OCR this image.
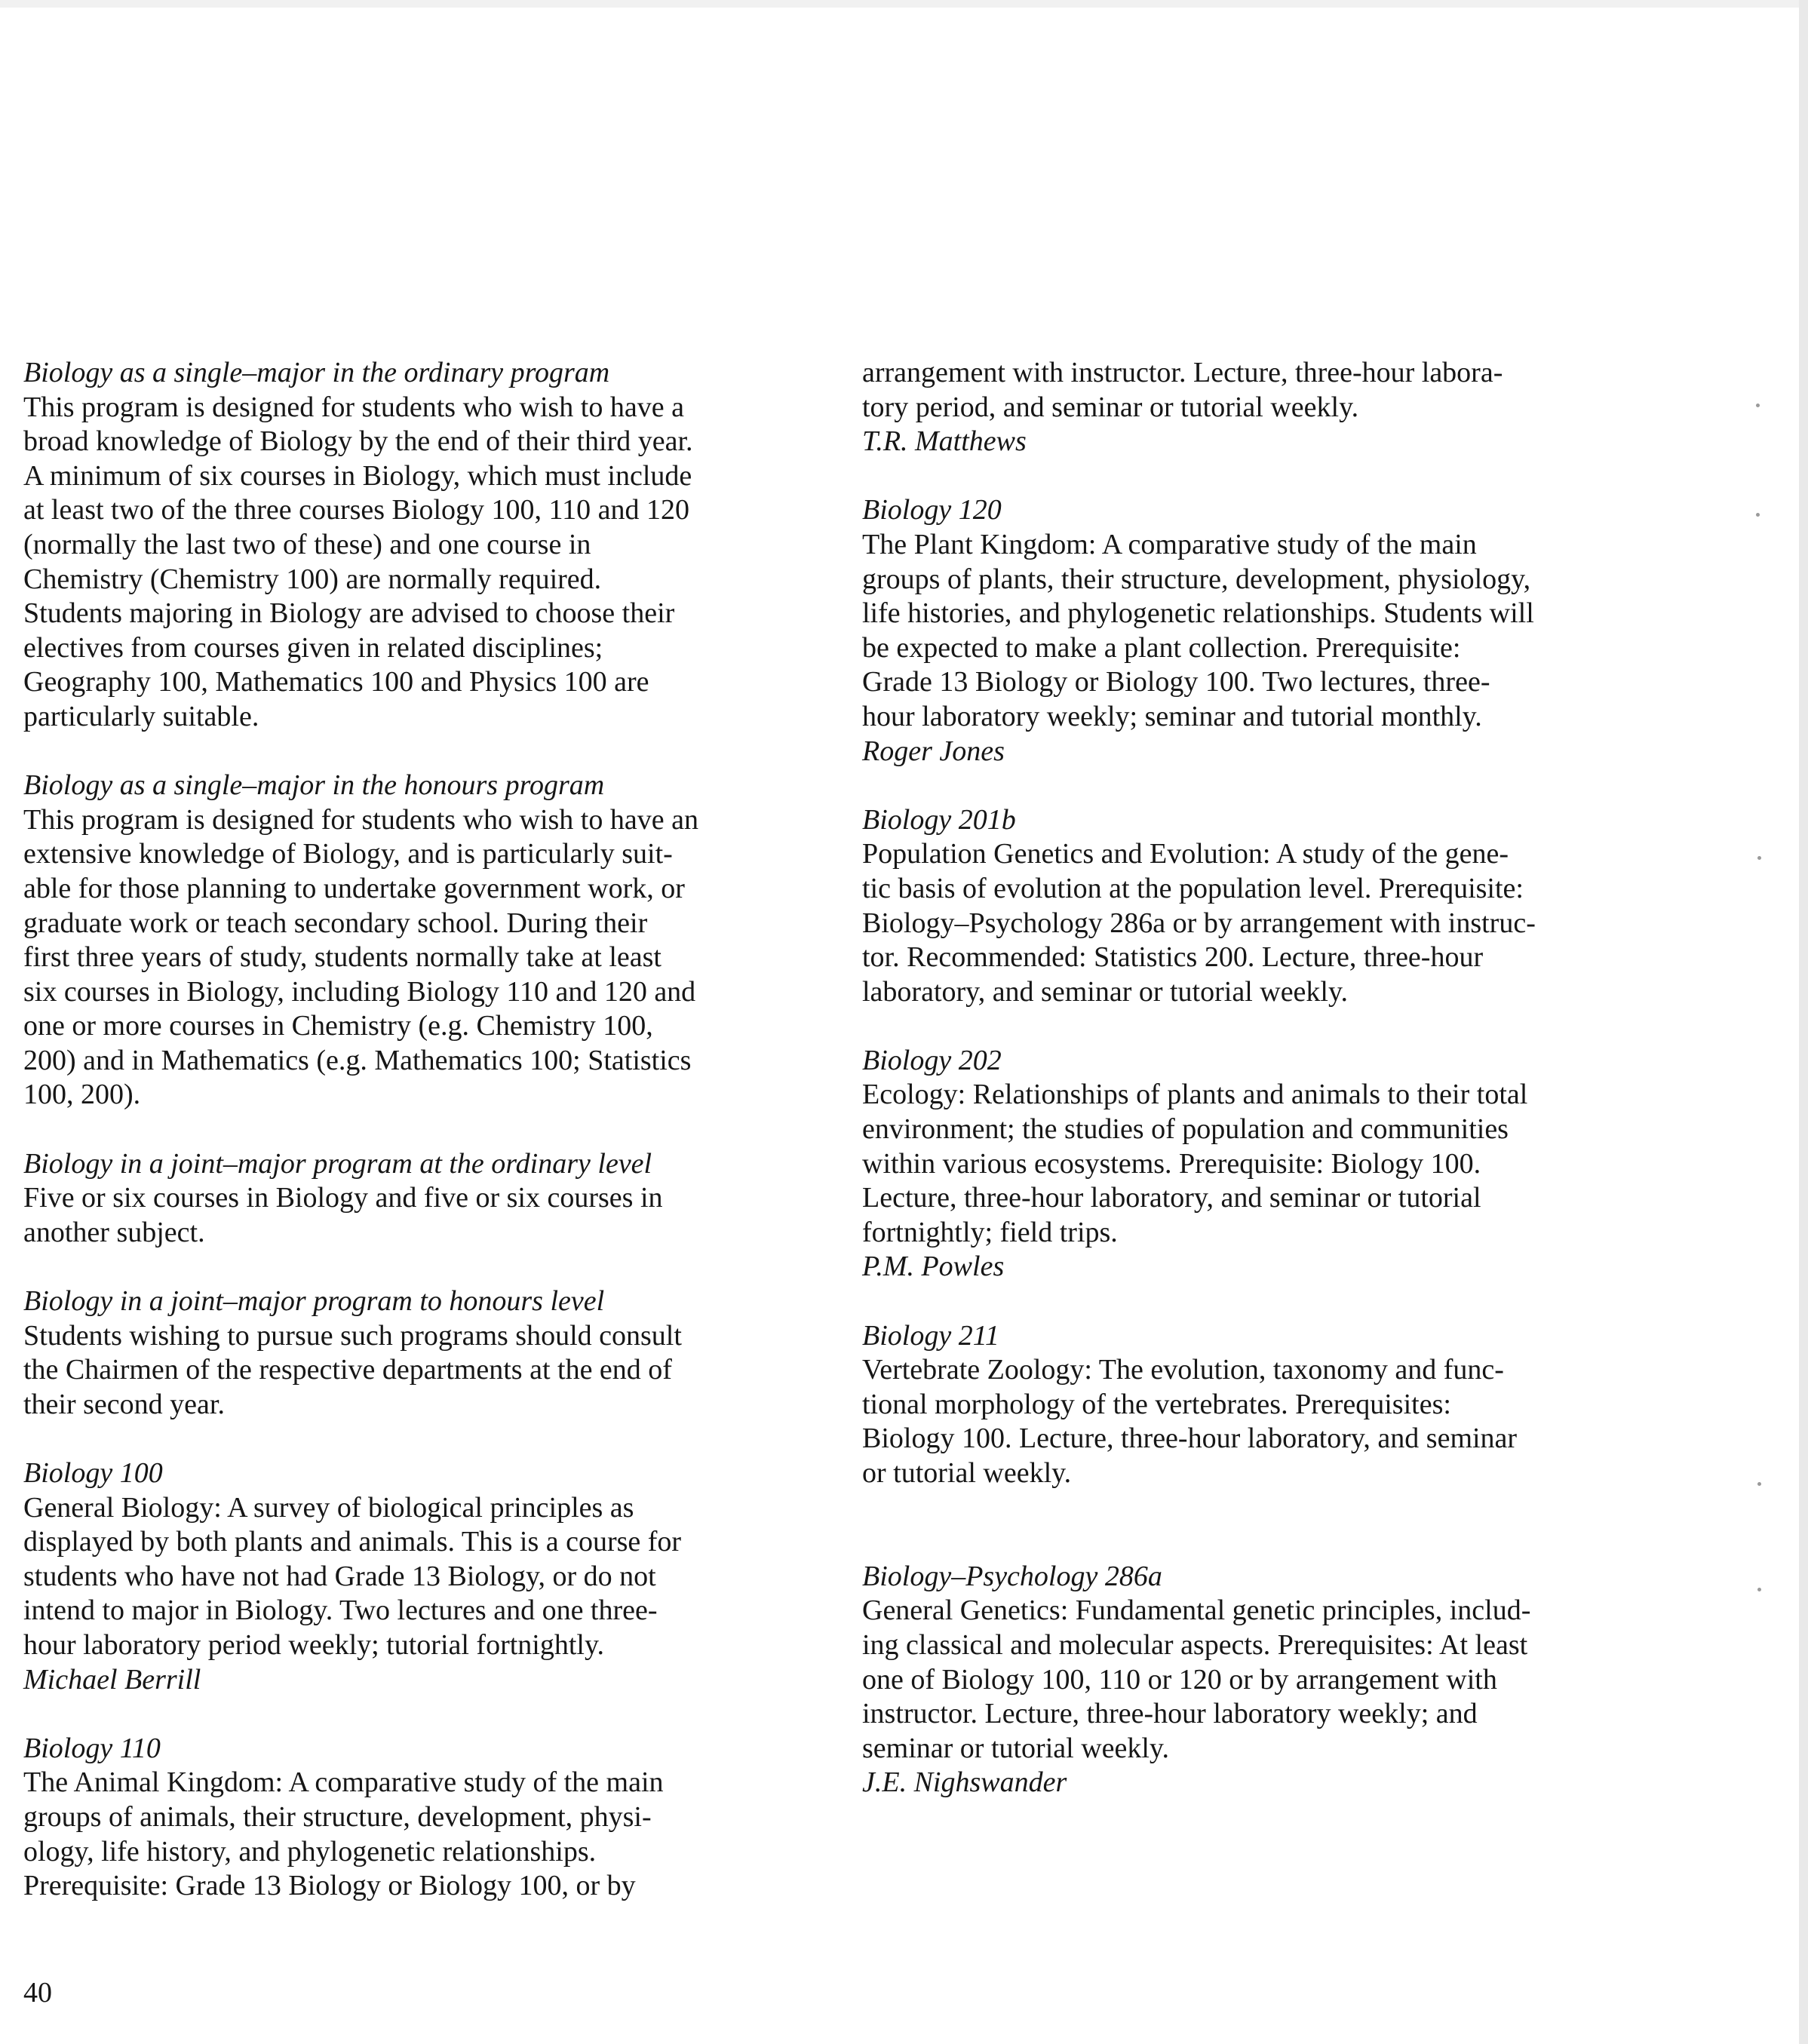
Biology as a single–major in the ordinary program

This program is designed for students who wish to have a
broad knowledge of Biology by the end of their third year.
A minimum of six courses in Biology, which must include
at least two of the three courses Biology 100, 110 and 120
(normally the last two of these) and one course in
Chemistry (Chemistry 100) are normally required.
Students majoring in Biology are advised to choose their
electives from courses given in related disciplines;
Geography 100, Mathematics 100 and Physics 100 are
particularly suitable.

Biology as a single–major in the honours program

This program is designed for students who wish to have an
extensive knowledge of Biology, and is particularly suit-
able for those planning to undertake government work, or
graduate work or teach secondary school. During their
first three years of study, students normally take at least
six courses in Biology, including Biology 110 and 120 and
one or more courses in Chemistry (e.g. Chemistry 100,
200) and in Mathematics (e.g. Mathematics 100; Statistics
100, 200).

Biology in a joint–major program at the ordinary level

Five or six courses in Biology and five or six courses in
another subject.

Biology in a joint–major program to honours level

Students wishing to pursue such programs should consult
the Chairmen of the respective departments at the end of
their second year.

Biology 100

General Biology: A survey of biological principles as
displayed by both plants and animals. This is a course for
students who have not had Grade 13 Biology, or do not
intend to major in Biology. Two lectures and one three-
hour laboratory period weekly; tutorial fortnightly.

Michael Berrill

Biology 110

The Animal Kingdom: A comparative study of the main
groups of animals, their structure, development, physi-
ology, life history, and phylogenetic relationships.
Prerequisite: Grade 13 Biology or Biology 100, or by

arrangement with instructor. Lecture, three-hour labora-
tory period, and seminar or tutorial weekly.

T.R. Matthews

Biology 120

The Plant Kingdom: A comparative study of the main
groups of plants, their structure, development, physiology,
life histories, and phylogenetic relationships. Students will
be expected to make a plant collection. Prerequisite:
Grade 13 Biology or Biology 100. Two lectures, three-
hour laboratory weekly; seminar and tutorial monthly.

Roger Jones

Biology 201b

Population Genetics and Evolution: A study of the gene-
tic basis of evolution at the population level. Prerequisite:
Biology–Psychology 286a or by arrangement with instruc-
tor. Recommended: Statistics 200. Lecture, three-hour
laboratory, and seminar or tutorial weekly.

Biology 202

Ecology: Relationships of plants and animals to their total
environment; the studies of population and communities
within various ecosystems. Prerequisite: Biology 100.
Lecture, three-hour laboratory, and seminar or tutorial
fortnightly; field trips.

P.M. Powles

Biology 211

Vertebrate Zoology: The evolution, taxonomy and func-
tional morphology of the vertebrates. Prerequisites:
Biology 100. Lecture, three-hour laboratory, and seminar
or tutorial weekly.

Biology–Psychology 286a

General Genetics: Fundamental genetic principles, includ-
ing classical and molecular aspects. Prerequisites: At least
one of Biology 100, 110 or 120 or by arrangement with
instructor. Lecture, three-hour laboratory weekly; and
seminar or tutorial weekly.

J.E. Nighswander

40
